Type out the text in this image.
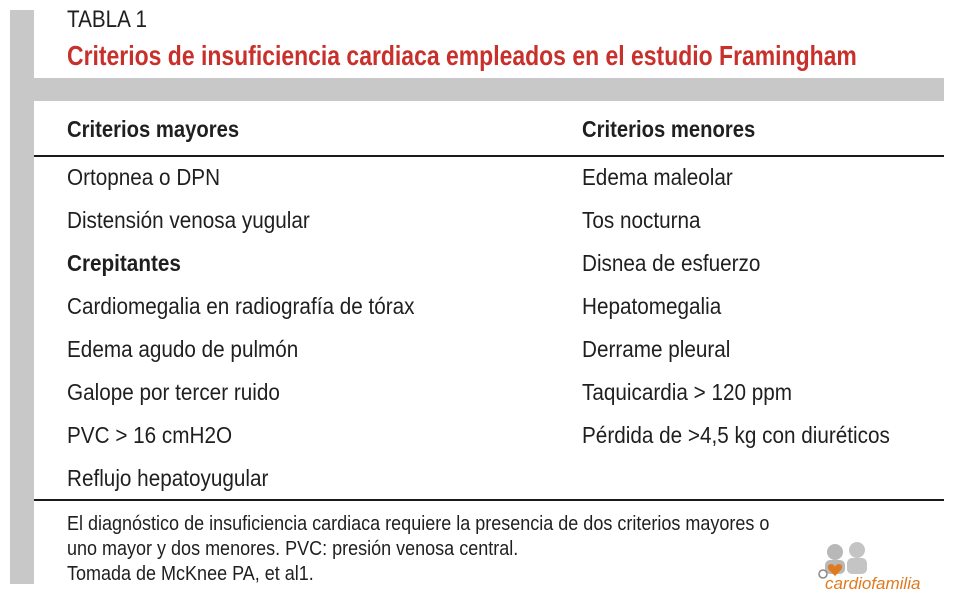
TABLA 1
Criterios de insuficiencia cardiaca empleados en el estudio Framingham
Criterios mayores	Criterios menores
Ortopnea o DPN	Edema maleolar
Distensión venosa yugular	Tos nocturna
Crepitantes	Disnea de esfuerzo
Cardiomegalia en radiografía de tórax	Hepatomegalia
Edema agudo de pulmón	Derrame pleural
Galope por tercer ruido	Taquicardia > 120 ppm
PVC > 16 cmH2O	Pérdida de >4,5 kg con diuréticos
Reflujo hepatoyugular
El diagnóstico de insuficiencia cardiaca requiere la presencia de dos criterios mayores o
uno mayor y dos menores. PVC: presión venosa central.
Tomada de McKnee PA, et al1.	cardiofamilia
